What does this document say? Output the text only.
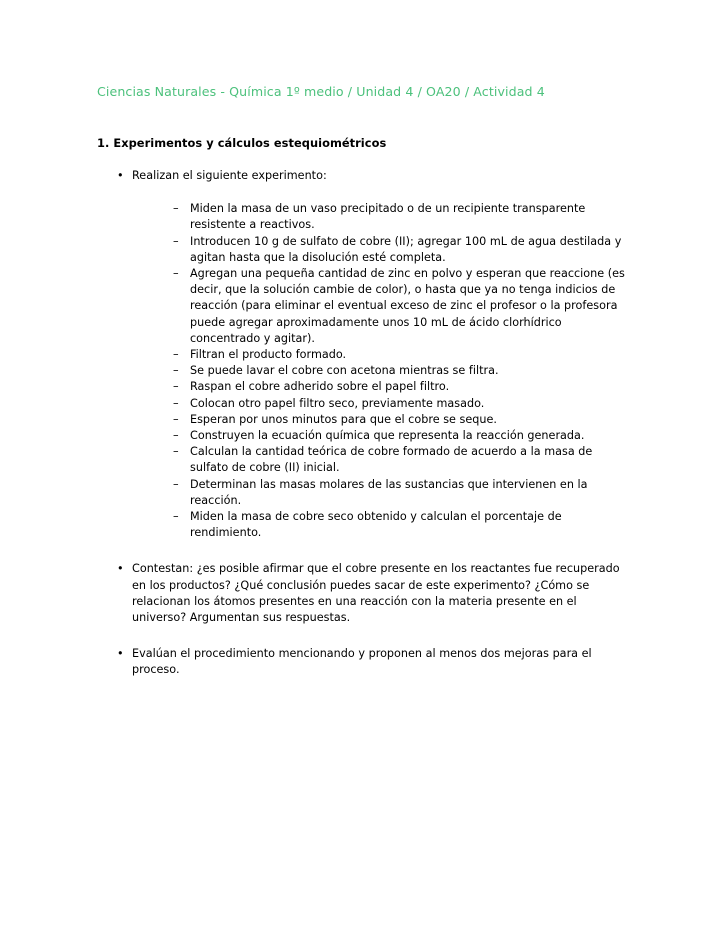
Ciencias Naturales - Química 1º medio / Unidad 4 / OA20 / Actividad 4
1. Experimentos y cálculos estequiométricos
• Realizan el siguiente experimento:
– Miden la masa de un vaso precipitado o de un recipiente transparente resistente a reactivos.
– Introducen 10 g de sulfato de cobre (II); agregar 100 mL de agua destilada y agitan hasta que la disolución esté completa.
– Agregan una pequeña cantidad de zinc en polvo y esperan que reaccione (es decir, que la solución cambie de color), o hasta que ya no tenga indicios de reacción (para eliminar el eventual exceso de zinc el profesor o la profesora puede agregar aproximadamente unos 10 mL de ácido clorhídrico concentrado y agitar).
– Filtran el producto formado.
– Se puede lavar el cobre con acetona mientras se filtra.
– Raspan el cobre adherido sobre el papel filtro.
– Colocan otro papel filtro seco, previamente masado.
– Esperan por unos minutos para que el cobre se seque.
– Construyen la ecuación química que representa la reacción generada.
– Calculan la cantidad teórica de cobre formado de acuerdo a la masa de sulfato de cobre (II) inicial.
– Determinan las masas molares de las sustancias que intervienen en la reacción.
– Miden la masa de cobre seco obtenido y calculan el porcentaje de rendimiento.
• Contestan: ¿es posible afirmar que el cobre presente en los reactantes fue recuperado en los productos? ¿Qué conclusión puedes sacar de este experimento? ¿Cómo se relacionan los átomos presentes en una reacción con la materia presente en el universo? Argumentan sus respuestas.
• Evalúan el procedimiento mencionando y proponen al menos dos mejoras para el proceso.
